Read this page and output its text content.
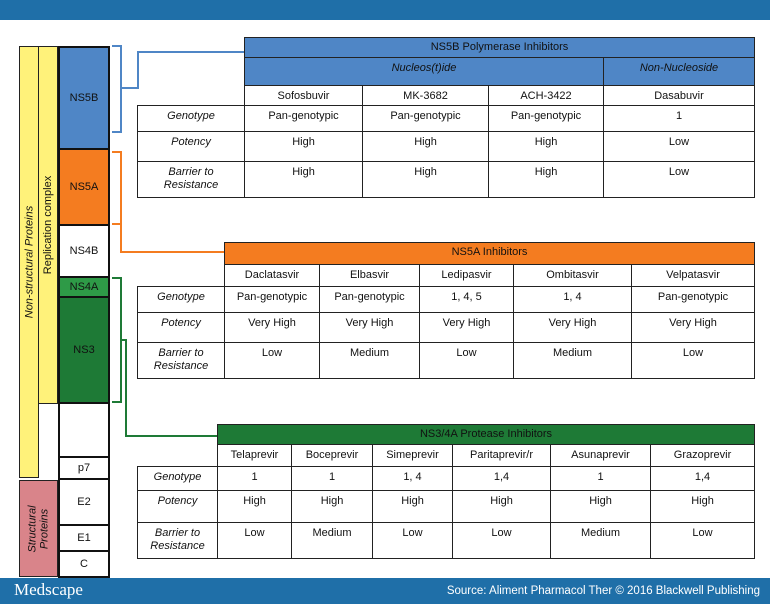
Non-structural Proteins Replication complex
Structural Proteins
NS5B
NS5A
NS4B
NS4A
NS3
p7
E2
E1
C
	NS5B Polymerase Inhibitors			
	Nucleos(t)ide			Non-Nucleoside
	Sofosbuvir	MK-3682	ACH-3422	Dasabuvir
Genotype	Pan-genotypic	Pan-genotypic	Pan-genotypic	1
Potency	High	High	High	Low
Barrier to
Resistance	High	High	High	Low
	NS5A Inhibitors				
	Daclatasvir	Elbasvir	Ledipasvir	Ombitasvir	Velpatasvir
Genotype	Pan-genotypic	Pan-genotypic	1, 4, 5	1, 4	Pan-genotypic
Potency	Very High	Very High	Very High	Very High	Very High
Barrier to
Resistance	Low	Medium	Low	Medium	Low
	NS3/4A Protease Inhibitors					
	Telaprevir	Boceprevir	Simeprevir	Paritaprevir/r	Asunaprevir	Grazoprevir
Genotype	1	1	1, 4	1,4	1	1,4
Potency	High	High	High	High	High	High
Barrier to
Resistance	Low	Medium	Low	Low	Medium	Low
Medscape	Source: Aliment Pharmacol Ther © 2016 Blackwell Publishing
